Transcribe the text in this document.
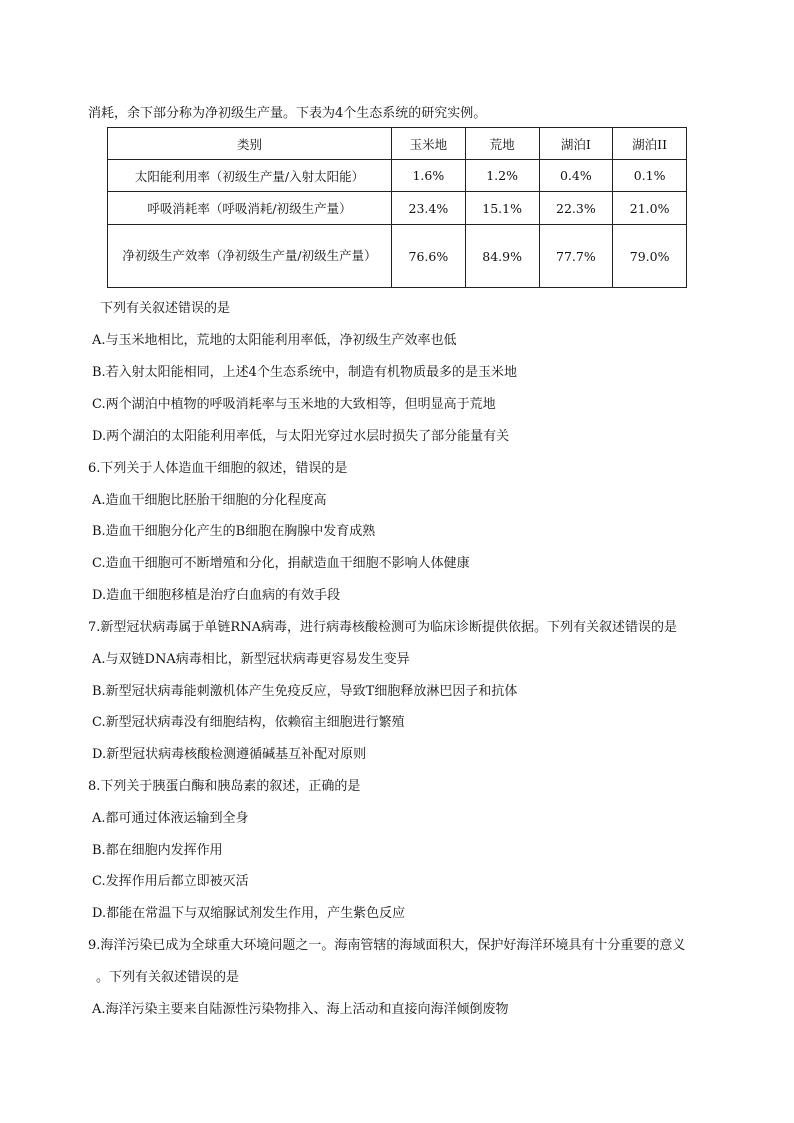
消耗，余下部分称为净初级生产量。下表为4个生态系统的研究实例。
类别	玉米地	荒地	湖泊I	湖泊II
太阳能利用率（初级生产量/入射太阳能）	1.6%	1.2%	0.4%	0.1%
呼吸消耗率（呼吸消耗/初级生产量）	23.4%	15.1%	22.3%	21.0%
净初级生产效率（净初级生产量/初级生产量）	76.6%	84.9%	77.7%	79.0%
下列有关叙述错误的是
A.与玉米地相比，荒地的太阳能利用率低，净初级生产效率也低
B.若入射太阳能相同，上述4个生态系统中，制造有机物质最多的是玉米地
C.两个湖泊中植物的呼吸消耗率与玉米地的大致相等，但明显高于荒地
D.两个湖泊的太阳能利用率低，与太阳光穿过水层时损失了部分能量有关
6.下列关于人体造血干细胞的叙述，错误的是
A.造血干细胞比胚胎干细胞的分化程度高
B.造血干细胞分化产生的B细胞在胸腺中发育成熟
C.造血干细胞可不断增殖和分化，捐献造血干细胞不影响人体健康
D.造血干细胞移植是治疗白血病的有效手段
7.新型冠状病毒属于单链RNA病毒，进行病毒核酸检测可为临床诊断提供依据。下列有关叙述错误的是
A.与双链DNA病毒相比，新型冠状病毒更容易发生变异
B.新型冠状病毒能刺激机体产生免疫反应，导致T细胞释放淋巴因子和抗体
C.新型冠状病毒没有细胞结构，依赖宿主细胞进行繁殖
D.新型冠状病毒核酸检测遵循碱基互补配对原则
8.下列关于胰蛋白酶和胰岛素的叙述，正确的是
A.都可通过体液运输到全身
B.都在细胞内发挥作用
C.发挥作用后都立即被灭活
D.都能在常温下与双缩脲试剂发生作用，产生紫色反应
9.海洋污染已成为全球重大环境问题之一。海南管辖的海域面积大，保护好海洋环境具有十分重要的意义
。下列有关叙述错误的是
A.海洋污染主要来自陆源性污染物排入、海上活动和直接向海洋倾倒废物
